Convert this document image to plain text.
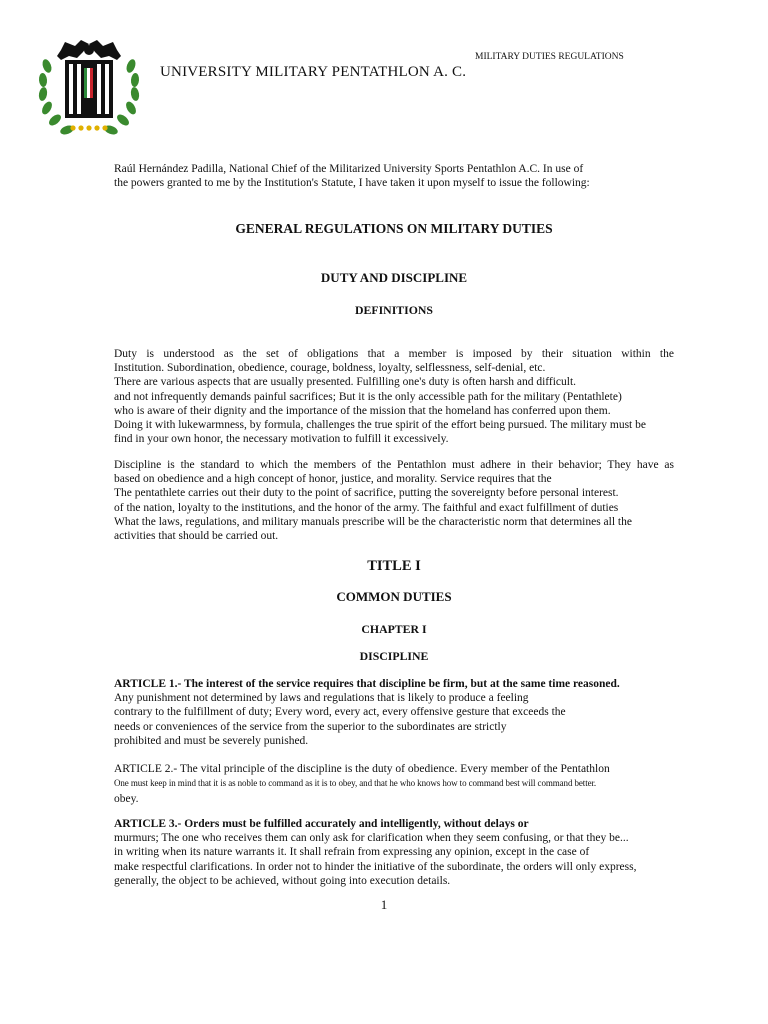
UNIVERSITY MILITARY PENTATHLON A. C.
MILITARY DUTIES REGULATIONS

Raúl Hernández Padilla, National Chief of the Militarized University Sports Pentathlon A.C. In use of

the powers granted to me by the Institution's Statute, I have taken it upon myself to issue the following:

GENERAL REGULATIONS ON MILITARY DUTIES
DUTY AND DISCIPLINE
DEFINITIONS

Duty is understood as the set of obligations that a member is imposed by their situation within the

Institution. Subordination, obedience, courage, boldness, loyalty, selflessness, self-denial, etc.

There are various aspects that are usually presented. Fulfilling one's duty is often harsh and difficult.

and not infrequently demands painful sacrifices; But it is the only accessible path for the military (Pentathlete)

who is aware of their dignity and the importance of the mission that the homeland has conferred upon them.

Doing it with lukewarmness, by formula, challenges the true spirit of the effort being pursued. The military must be

find in your own honor, the necessary motivation to fulfill it excessively.

Discipline is the standard to which the members of the Pentathlon must adhere in their behavior; They have as

based on obedience and a high concept of honor, justice, and morality. Service requires that the

The pentathlete carries out their duty to the point of sacrifice, putting the sovereignty before personal interest.

of the nation, loyalty to the institutions, and the honor of the army. The faithful and exact fulfillment of duties

What the laws, regulations, and military manuals prescribe will be the characteristic norm that determines all the

activities that should be carried out.

TITLE I
COMMON DUTIES
CHAPTER I
DISCIPLINE

ARTICLE 1.- The interest of the service requires that discipline be firm, but at the same time reasoned.

Any punishment not determined by laws and regulations that is likely to produce a feeling

contrary to the fulfillment of duty; Every word, every act, every offensive gesture that exceeds the

needs or conveniences of the service from the superior to the subordinates are strictly

prohibited and must be severely punished.

ARTICLE 2.- The vital principle of the discipline is the duty of obedience. Every member of the Pentathlon

One must keep in mind that it is as noble to command as it is to obey, and that he who knows how to command best will command better.

obey.

ARTICLE 3.- Orders must be fulfilled accurately and intelligently, without delays or

murmurs; The one who receives them can only ask for clarification when they seem confusing, or that they be...

in writing when its nature warrants it. It shall refrain from expressing any opinion, except in the case of

make respectful clarifications. In order not to hinder the initiative of the subordinate, the orders will only express,

generally, the object to be achieved, without going into execution details.

1
